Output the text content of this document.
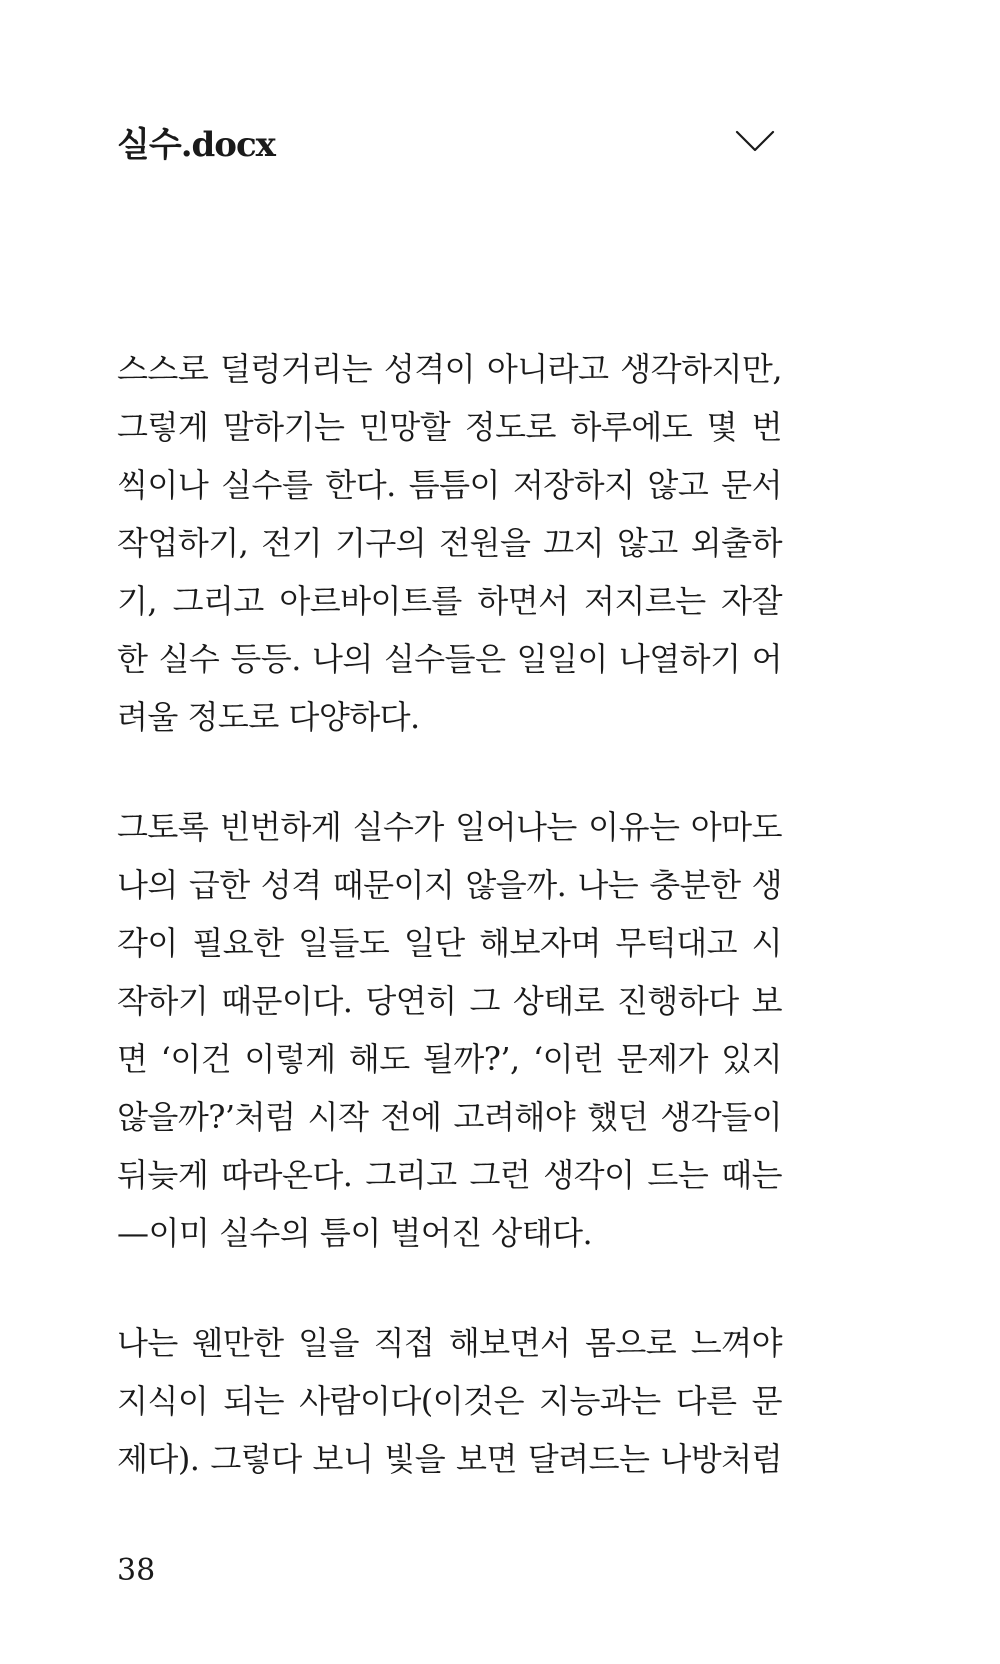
실수.docx

스스로 덜렁거리는 성격이 아니라고 생각하지만,
그렇게 말하기는 민망할 정도로 하루에도 몇 번
씩이나 실수를 한다. 틈틈이 저장하지 않고 문서
작업하기, 전기 기구의 전원을 끄지 않고 외출하
기, 그리고 아르바이트를 하면서 저지르는 자잘
한 실수 등등. 나의 실수들은 일일이 나열하기 어
려울 정도로 다양하다.

그토록 빈번하게 실수가 일어나는 이유는 아마도
나의 급한 성격 때문이지 않을까. 나는 충분한 생
각이 필요한 일들도 일단 해보자며 무턱대고 시
작하기 때문이다. 당연히 그 상태로 진행하다 보
면 ‘이건 이렇게 해도 될까?’, ‘이런 문제가 있지
않을까?’처럼 시작 전에 고려해야 했던 생각들이
뒤늦게 따라온다. 그리고 그런 생각이 드는 때는
—이미 실수의 틈이 벌어진 상태다.

나는 웬만한 일을 직접 해보면서 몸으로 느껴야
지식이 되는 사람이다(이것은 지능과는 다른 문
제다). 그렇다 보니 빛을 보면 달려드는 나방처럼

38
